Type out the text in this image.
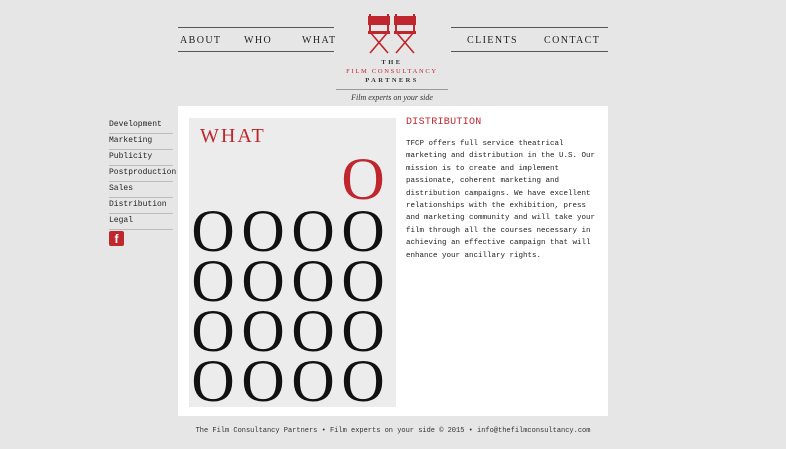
ABOUT WHO	WHAT	CLIENTS	CONTACT
THE
FILM CONSULTANCY
PARTNERS
Film experts on your side
Development
Marketing
Publicity
Postproduction
Sales
Distribution
Legal
f
WHAT
O
O O O O
O O O O
O O O O
O O O O
DISTRIBUTION

TFCP offers full service theatrical marketing and distribution in the U.S. Our mission is to create and implement passionate, coherent marketing and distribution campaigns. We have excellent relationships with the exhibition, press and marketing community and will take your film through all the courses necessary in achieving an effective campaign that will enhance your ancillary rights.

The Film Consultancy Partners • Film experts on your side © 2015 • info@thefilmconsultancy.com
